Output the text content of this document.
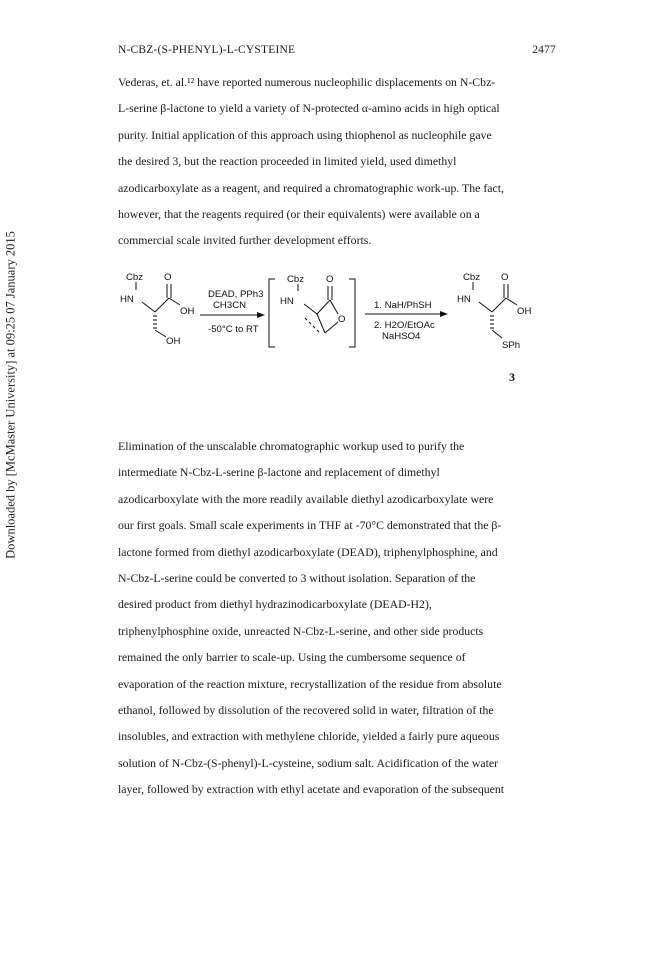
Downloaded by [McMaster University] at 09:25 07 January 2015
N-CBZ-(S-PHENYL)-L-CYSTEINE	2477

Vederas, et. al.¹² have reported numerous nucleophilic displacements on N-Cbz-
L-serine β-lactone to yield a variety of N-protected α-amino acids in high optical
purity. Initial application of this approach using thiophenol as nucleophile gave
the desired 3, but the reaction proceeded in limited yield, used dimethyl
azodicarboxylate as a reagent, and required a chromatographic work-up. The fact,
however, that the reagents required (or their equivalents) were available on a
commercial scale invited further development efforts.

Cbz O
HN
OH
OH
DEAD, PPh3
CH3CN
-50°C to RT
Cbz O
HN
O
1. NaH/PhSH
2. H2O/EtOAc
NaHSO4
Cbz O
HN
OH
SPh
3

Elimination of the unscalable chromatographic workup used to purify the
intermediate N-Cbz-L-serine β-lactone and replacement of dimethyl
azodicarboxylate with the more readily available diethyl azodicarboxylate were
our first goals. Small scale experiments in THF at -70°C demonstrated that the β-
lactone formed from diethyl azodicarboxylate (DEAD), triphenylphosphine, and
N-Cbz-L-serine could be converted to 3 without isolation. Separation of the
desired product from diethyl hydrazinodicarboxylate (DEAD-H2),
triphenylphosphine oxide, unreacted N-Cbz-L-serine, and other side products
remained the only barrier to scale-up. Using the cumbersome sequence of
evaporation of the reaction mixture, recrystallization of the residue from absolute
ethanol, followed by dissolution of the recovered solid in water, filtration of the
insolubles, and extraction with methylene chloride, yielded a fairly pure aqueous
solution of N-Cbz-(S-phenyl)-L-cysteine, sodium salt. Acidification of the water
layer, followed by extraction with ethyl acetate and evaporation of the subsequent
